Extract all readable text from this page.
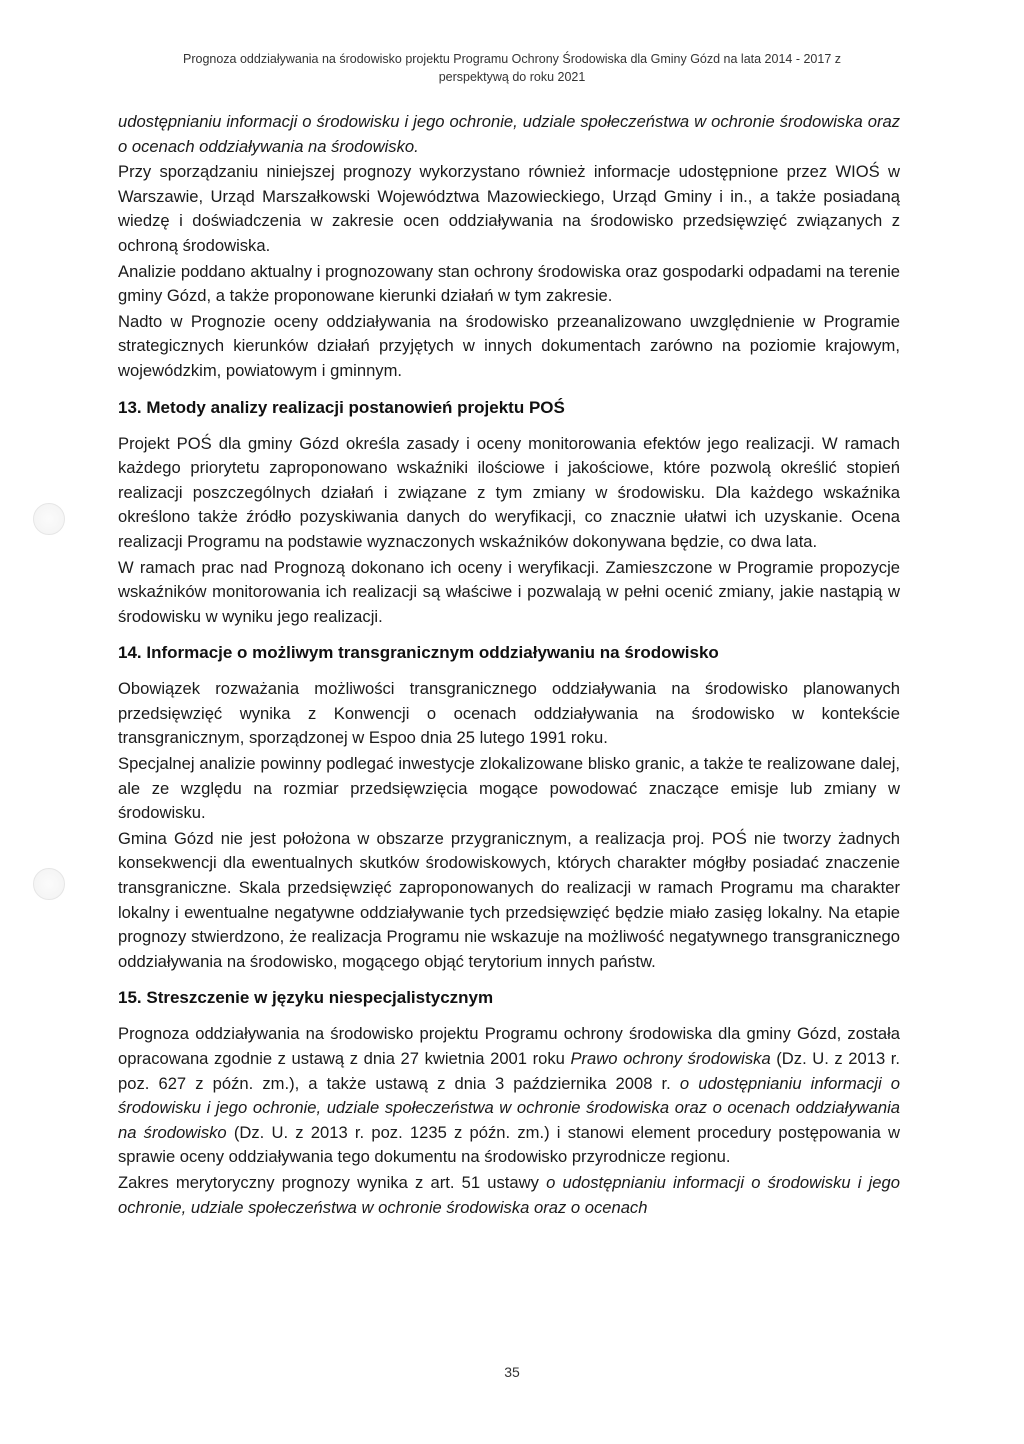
Prognoza oddziaływania na środowisko projektu Programu Ochrony Środowiska dla Gminy Gózd na lata 2014 - 2017 z
perspektywą do roku 2021

udostępnianiu informacji o środowisku i jego ochronie, udziale społeczeństwa w ochronie środowiska oraz o ocenach oddziaływania na środowisko.

Przy sporządzaniu niniejszej prognozy wykorzystano również informacje udostępnione przez WIOŚ w Warszawie, Urząd Marszałkowski Województwa Mazowieckiego, Urząd Gminy i in., a także posiadaną wiedzę i doświadczenia w zakresie ocen oddziaływania na środowisko przedsięwzięć związanych z ochroną środowiska.

Analizie poddano aktualny i prognozowany stan ochrony środowiska oraz gospodarki odpadami na terenie gminy Gózd, a także proponowane kierunki działań w tym zakresie.

Nadto w Prognozie oceny oddziaływania na środowisko przeanalizowano uwzględnienie w Programie strategicznych kierunków działań przyjętych w innych dokumentach zarówno na poziomie krajowym, wojewódzkim, powiatowym i gminnym.

13. Metody analizy realizacji postanowień projektu POŚ

Projekt POŚ dla gminy Gózd określa zasady i oceny monitorowania efektów jego realizacji. W ramach każdego priorytetu zaproponowano wskaźniki ilościowe i jakościowe, które pozwolą określić stopień realizacji poszczególnych działań i związane z tym zmiany w środowisku. Dla każdego wskaźnika określono także źródło pozyskiwania danych do weryfikacji, co znacznie ułatwi ich uzyskanie. Ocena realizacji Programu na podstawie wyznaczonych wskaźników dokonywana będzie, co dwa lata.

W ramach prac nad Prognozą dokonano ich oceny i weryfikacji. Zamieszczone w Programie propozycje wskaźników monitorowania ich realizacji są właściwe i pozwalają w pełni ocenić zmiany, jakie nastąpią w środowisku w wyniku jego realizacji.

14. Informacje o możliwym transgranicznym oddziaływaniu na środowisko

Obowiązek rozważania możliwości transgranicznego oddziaływania na środowisko planowanych przedsięwzięć wynika z Konwencji o ocenach oddziaływania na środowisko w kontekście transgranicznym, sporządzonej w Espoo dnia 25 lutego 1991 roku.

Specjalnej analizie powinny podlegać inwestycje zlokalizowane blisko granic, a także te realizowane dalej, ale ze względu na rozmiar przedsięwzięcia mogące powodować znaczące emisje lub zmiany w środowisku.

Gmina Gózd nie jest położona w obszarze przygranicznym, a realizacja proj. POŚ nie tworzy żadnych konsekwencji dla ewentualnych skutków środowiskowych, których charakter mógłby posiadać znaczenie transgraniczne. Skala przedsięwzięć zaproponowanych do realizacji w ramach Programu ma charakter lokalny i ewentualne negatywne oddziaływanie tych przedsięwzięć będzie miało zasięg lokalny. Na etapie prognozy stwierdzono, że realizacja Programu nie wskazuje na możliwość negatywnego transgranicznego oddziaływania na środowisko, mogącego objąć terytorium innych państw.

15. Streszczenie w języku niespecjalistycznym

Prognoza oddziaływania na środowisko projektu Programu ochrony środowiska dla gminy Gózd, została opracowana zgodnie z ustawą z dnia 27 kwietnia 2001 roku Prawo ochrony środowiska (Dz. U. z 2013 r. poz. 627 z późn. zm.), a także ustawą z dnia 3 października 2008 r. o udostępnianiu informacji o środowisku i jego ochronie, udziale społeczeństwa w ochronie środowiska oraz o ocenach oddziaływania na środowisko (Dz. U. z 2013 r. poz. 1235 z późn. zm.) i stanowi element procedury postępowania w sprawie oceny oddziaływania tego dokumentu na środowisko przyrodnicze regionu.

Zakres merytoryczny prognozy wynika z art. 51 ustawy o udostępnianiu informacji o środowisku i jego ochronie, udziale społeczeństwa w ochronie środowiska oraz o ocenach

35
